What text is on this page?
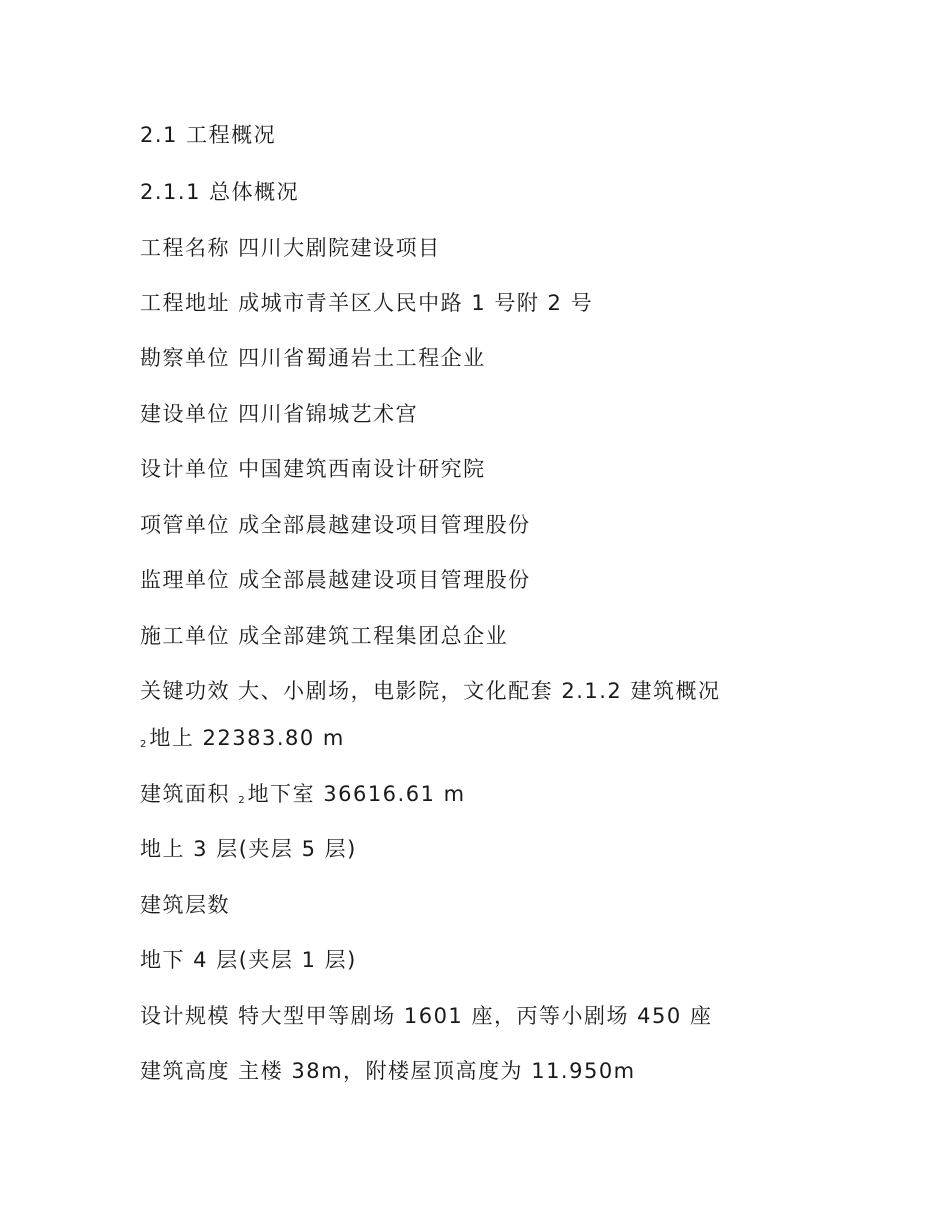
2.1 工程概况
2.1.1 总体概况
工程名称 四川大剧院建设项目
工程地址 成城市青羊区人民中路 1 号附 2 号
勘察单位 四川省蜀通岩土工程企业
建设单位 四川省锦城艺术宫
设计单位 中国建筑西南设计研究院
项管单位 成全部晨越建设项目管理股份
监理单位 成全部晨越建设项目管理股份
施工单位 成全部建筑工程集团总企业
关键功效 大、小剧场，电影院，文化配套 2.1.2 建筑概况
2 地上 22383.80 m
建筑面积 2 地下室 36616.61 m
地上 3 层(夹层 5 层)
建筑层数
地下 4 层(夹层 1 层)
设计规模 特大型甲等剧场 1601 座，丙等小剧场 450 座
建筑高度 主楼 38m，附楼屋顶高度为 11.950m
